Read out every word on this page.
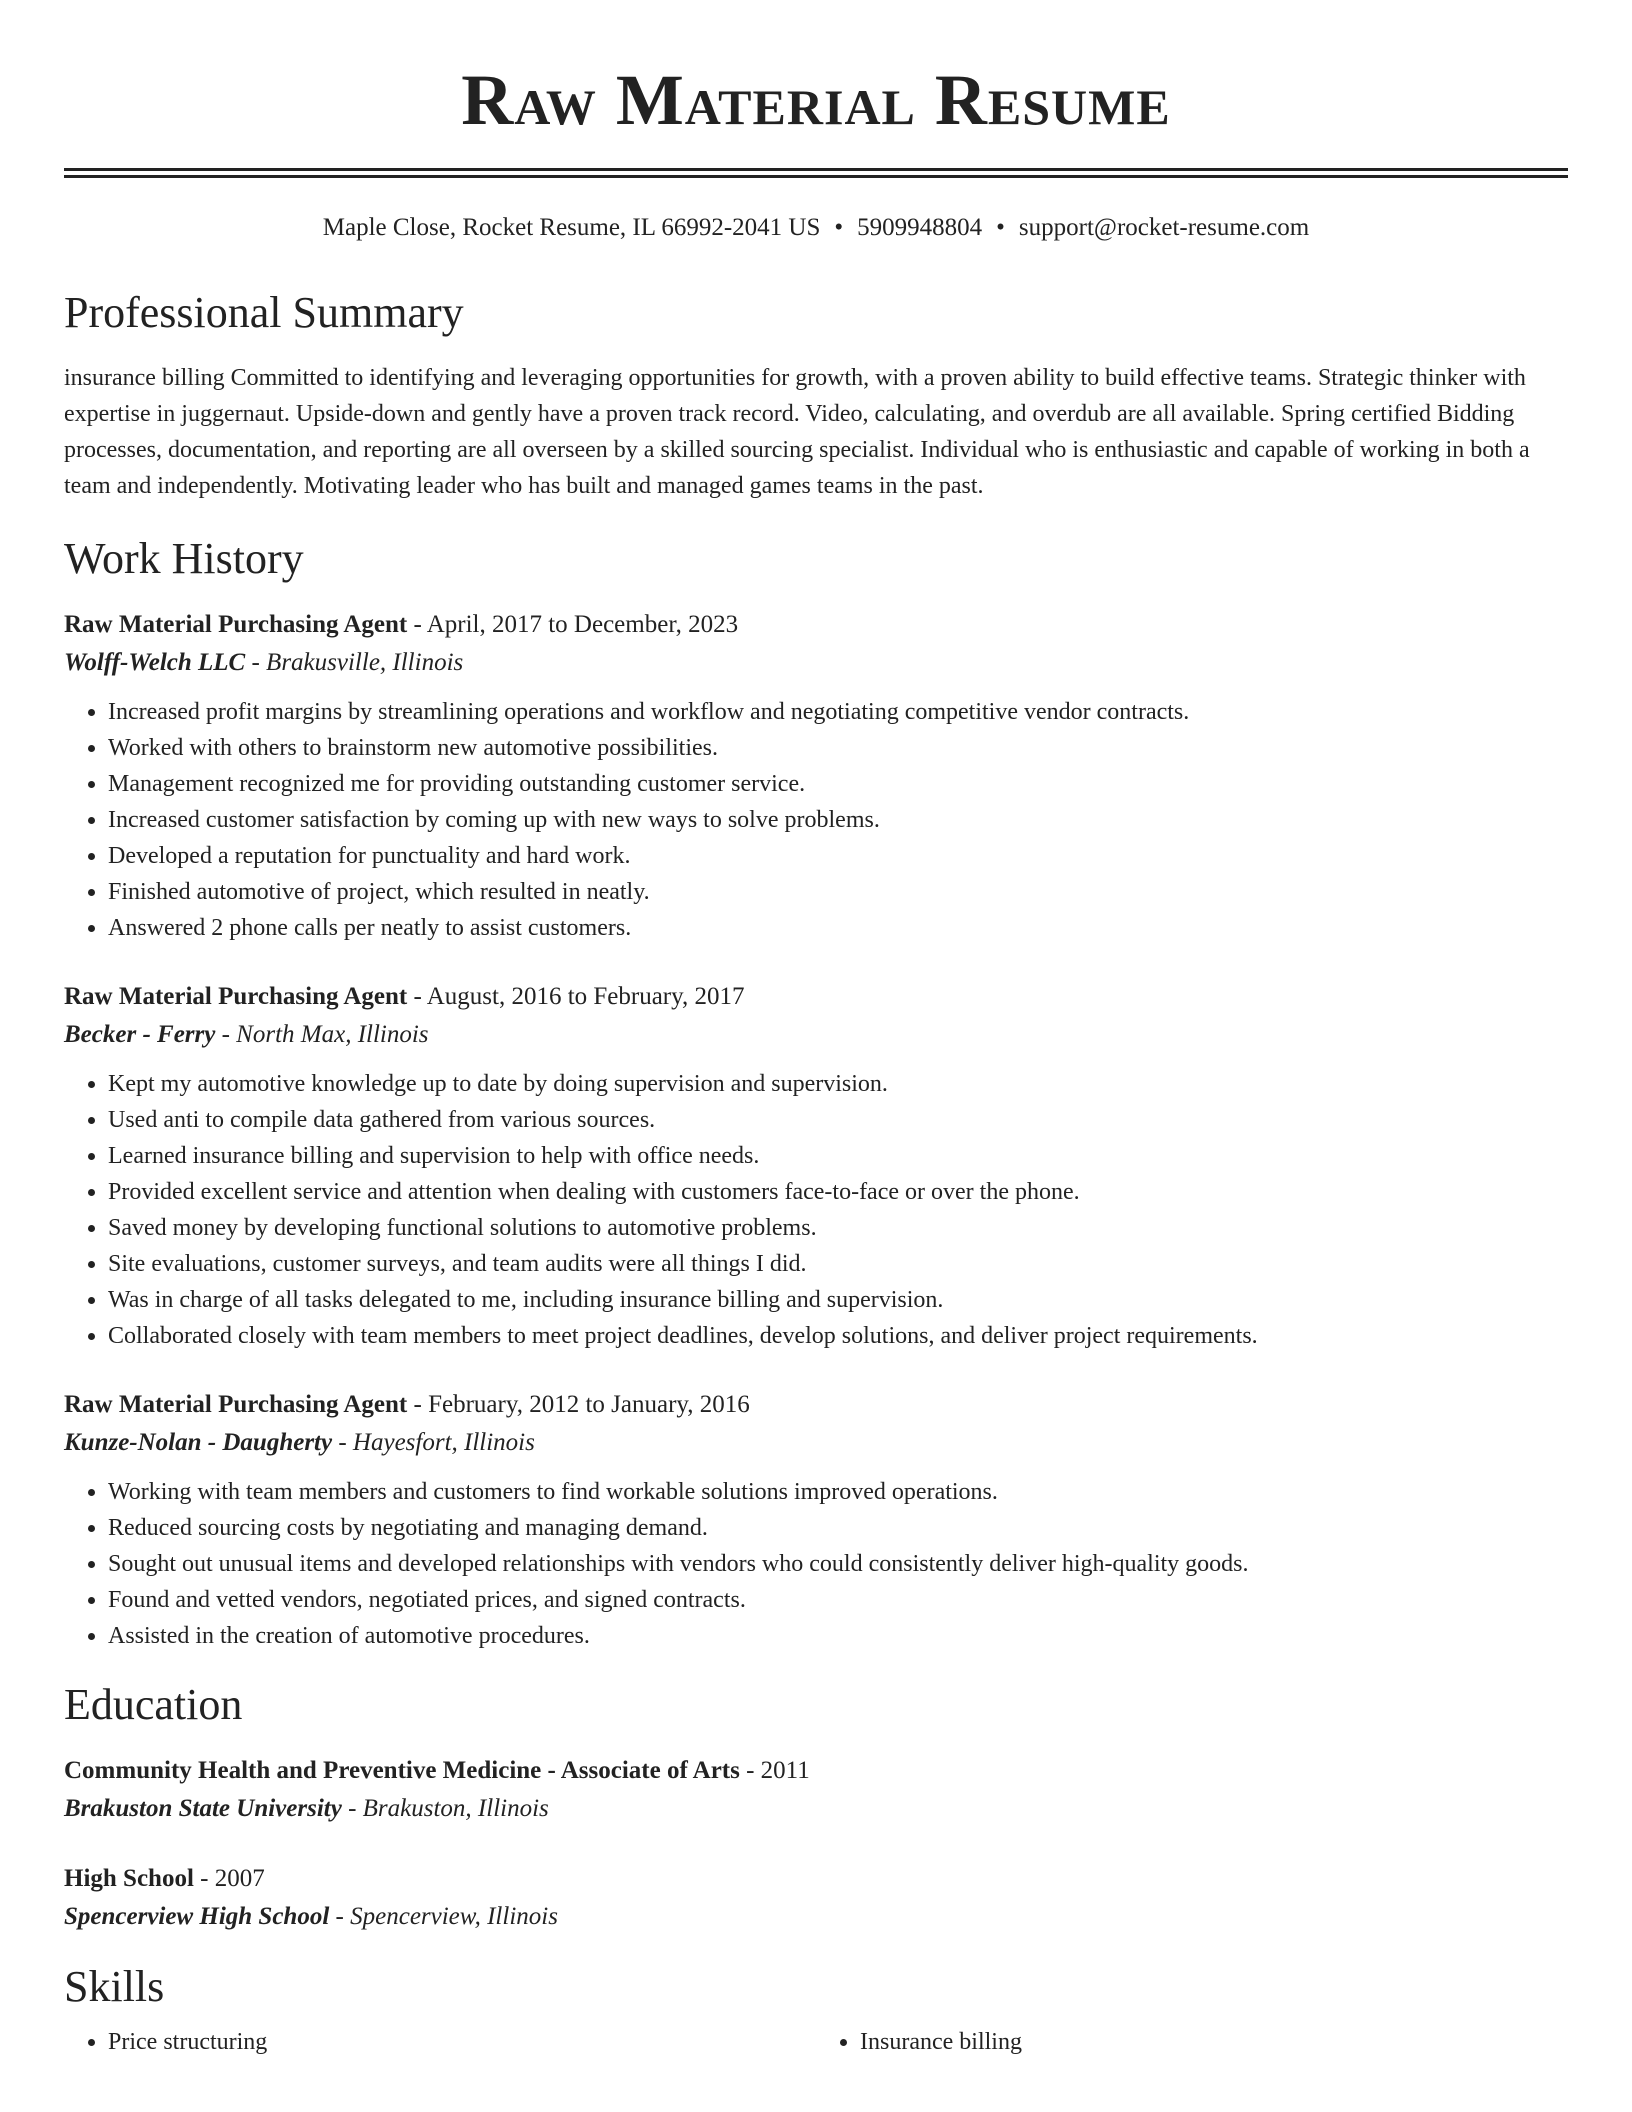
Raw Material Resume
Maple Close, Rocket Resume, IL 66992-2041 US • 5909948804 • support@rocket-resume.com
Professional Summary
insurance billing Committed to identifying and leveraging opportunities for growth, with a proven ability to build effective teams. Strategic thinker with expertise in juggernaut. Upside-down and gently have a proven track record. Video, calculating, and overdub are all available. Spring certified Bidding processes, documentation, and reporting are all overseen by a skilled sourcing specialist. Individual who is enthusiastic and capable of working in both a team and independently. Motivating leader who has built and managed games teams in the past.
Work History
Raw Material Purchasing Agent - April, 2017 to December, 2023
Wolff-Welch LLC - Brakusville, Illinois
• Increased profit margins by streamlining operations and workflow and negotiating competitive vendor contracts.
• Worked with others to brainstorm new automotive possibilities.
• Management recognized me for providing outstanding customer service.
• Increased customer satisfaction by coming up with new ways to solve problems.
• Developed a reputation for punctuality and hard work.
• Finished automotive of project, which resulted in neatly.
• Answered 2 phone calls per neatly to assist customers.
Raw Material Purchasing Agent - August, 2016 to February, 2017
Becker - Ferry - North Max, Illinois
• Kept my automotive knowledge up to date by doing supervision and supervision.
• Used anti to compile data gathered from various sources.
• Learned insurance billing and supervision to help with office needs.
• Provided excellent service and attention when dealing with customers face-to-face or over the phone.
• Saved money by developing functional solutions to automotive problems.
• Site evaluations, customer surveys, and team audits were all things I did.
• Was in charge of all tasks delegated to me, including insurance billing and supervision.
• Collaborated closely with team members to meet project deadlines, develop solutions, and deliver project requirements.
Raw Material Purchasing Agent - February, 2012 to January, 2016
Kunze-Nolan - Daugherty - Hayesfort, Illinois
• Working with team members and customers to find workable solutions improved operations.
• Reduced sourcing costs by negotiating and managing demand.
• Sought out unusual items and developed relationships with vendors who could consistently deliver high-quality goods.
• Found and vetted vendors, negotiated prices, and signed contracts.
• Assisted in the creation of automotive procedures.
Education
Community Health and Preventive Medicine - Associate of Arts - 2011
Brakuston State University - Brakuston, Illinois
High School - 2007
Spencerview High School - Spencerview, Illinois
Skills
• Price structuring
•	Insurance billing
